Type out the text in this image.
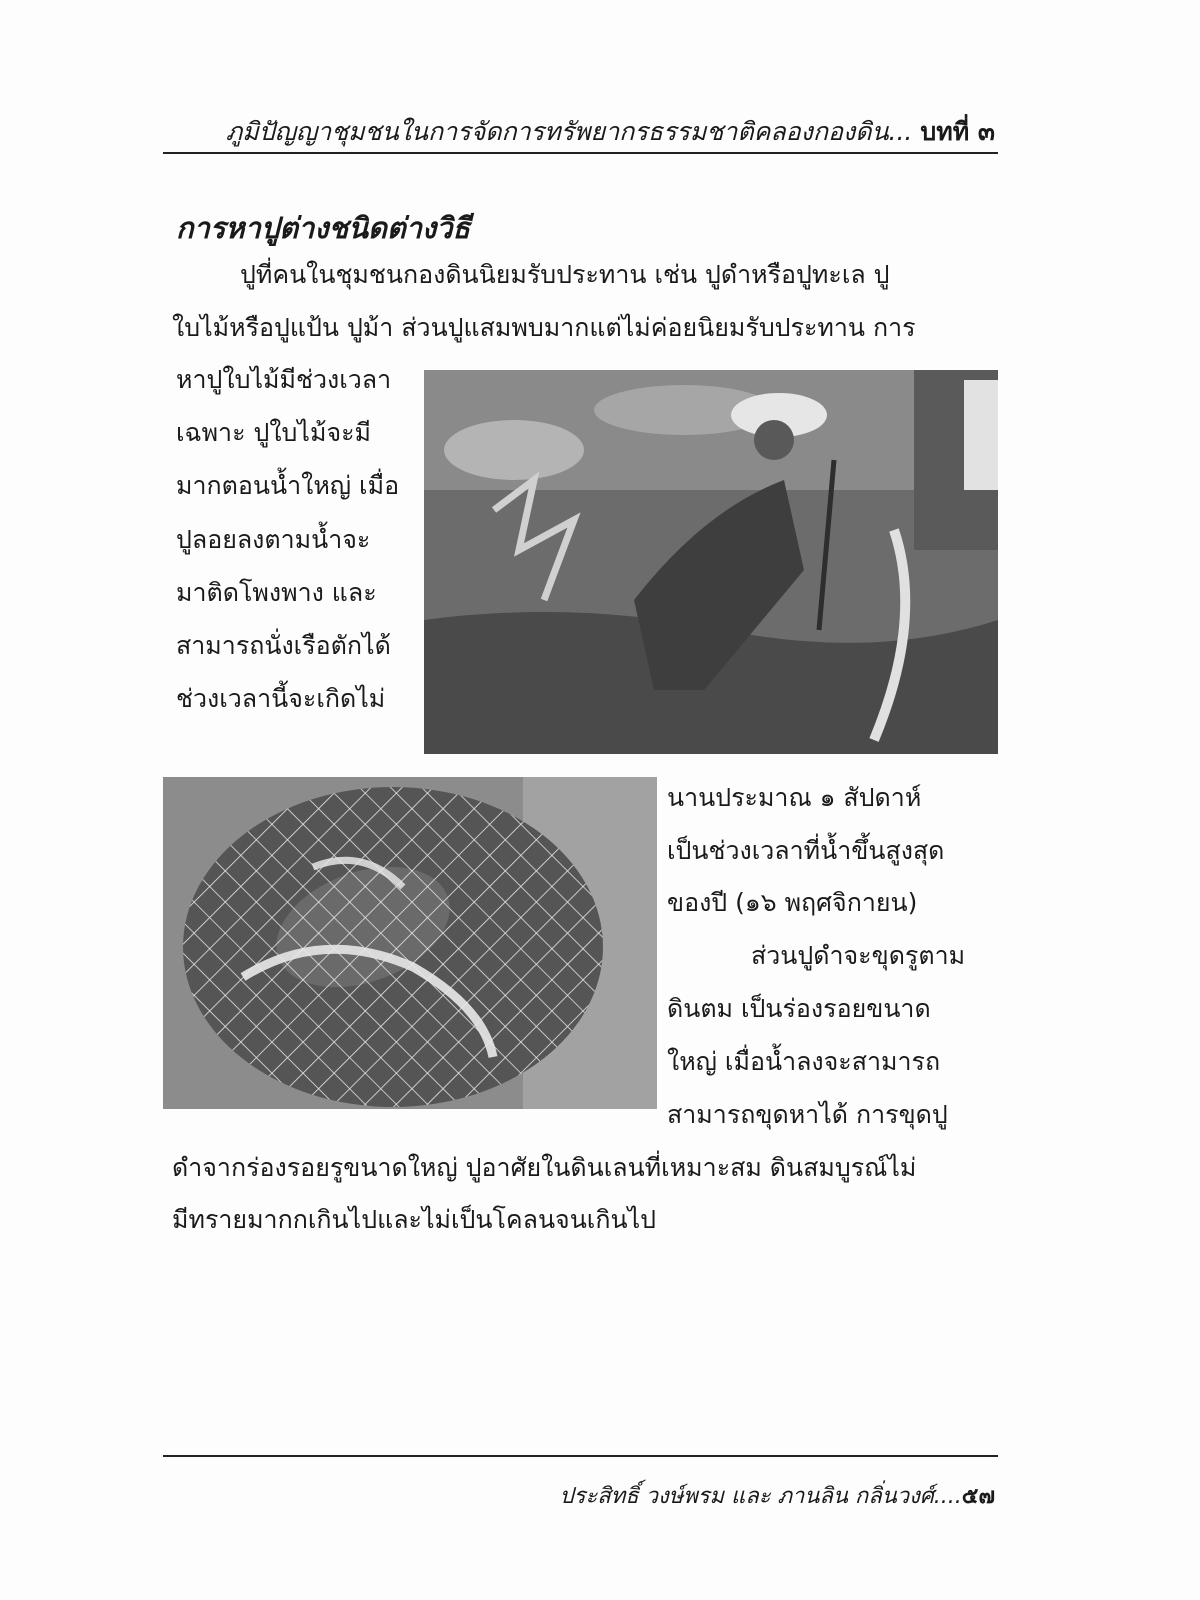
ภูมิปัญญาชุมชนในการจัดการทรัพยากรธรรมชาติคลองกองดิน... บทที่ ๓
การหาปูต่างชนิดต่างวิธี
ปูที่คนในชุมชนกองดินนิยมรับประทาน เช่น ปูดำหรือปูทะเล ปู
ใบไม้หรือปูแป้น ปูม้า ส่วนปูแสมพบมากแต่ไม่ค่อยนิยมรับประทาน การ
หาปูใบไม้มีช่วงเวลา
เฉพาะ ปูใบไม้จะมี
มากตอนน้ำใหญ่ เมื่อ
ปูลอยลงตามน้ำจะ
มาติดโพงพาง และ
สามารถนั่งเรือตักได้
ช่วงเวลานี้จะเกิดไม่
นานประมาณ ๑ สัปดาห์
เป็นช่วงเวลาที่น้ำขึ้นสูงสุด
ของปี (๑๖ พฤศจิกายน)
ส่วนปูดำจะขุดรูตาม
ดินตม เป็นร่องรอยขนาด
ใหญ่ เมื่อน้ำลงจะสามารถ
สามารถขุดหาได้ การขุดปู
ดำจากร่องรอยรูขนาดใหญ่ ปูอาศัยในดินเลนที่เหมาะสม ดินสมบูรณ์ไม่
มีทรายมากกเกินไปและไม่เป็นโคลนจนเกินไป
ประสิทธิ์ วงษ์พรม และ ภานลิน กลิ่นวงศ์....๕๗
